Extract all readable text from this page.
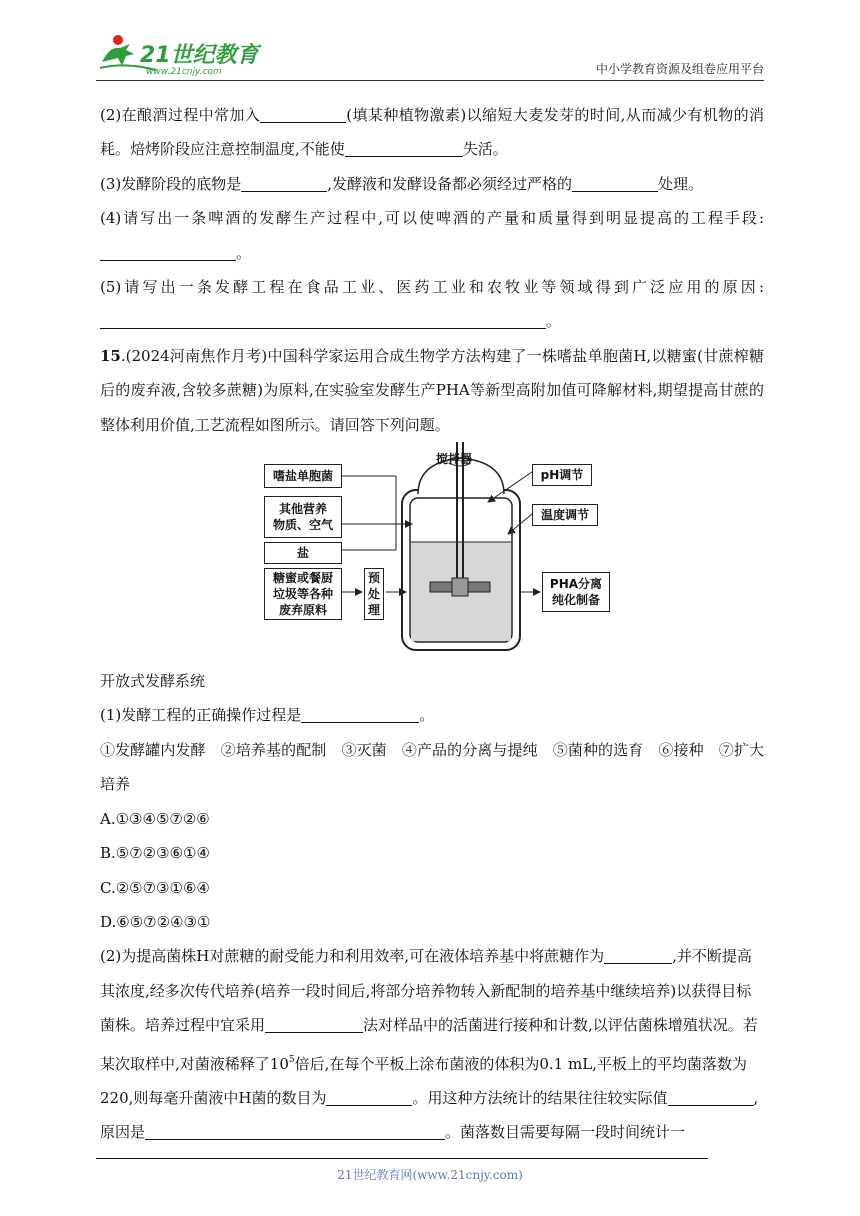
21世纪教育
www.21cnjy.com	中小学教育资源及组卷应用平台

(2)在酿酒过程中常加入	(填某种植物激素)以缩短大麦发芽的时间,从而减少有机物的消耗。焙烤阶段应注意控制温度,不能使	失活。

(3)发酵阶段的底物是	,发酵液和发酵设备都必须经过严格的	处理。

(4)请写出一条啤酒的发酵生产过程中,可以使啤酒的产量和质量得到明显提高的工程手段:。

(5)请写出一条发酵工程在食品工业、医药工业和农牧业等领域得到广泛应用的原因:。

15.(2024河南焦作月考)中国科学家运用合成生物学方法构建了一株嗜盐单胞菌H,以糖蜜(甘蔗榨糖后的废弃液,含较多蔗糖)为原料,在实验室发酵生产PHA等新型高附加值可降解材料,期望提高甘蔗的整体利用价值,工艺流程如图所示。请回答下列问题。

搅拌器
pH调节
温度调节
嗜盐单胞菌
其他营养
物质、空气
盐
糖蜜或餐厨
垃圾等各种
废弃原料
预
处
理
PHA分离
纯化制备

开放式发酵系统

(1)发酵工程的正确操作过程是	。

①发酵罐内发酵　②培养基的配制　③灭菌　④产品的分离与提纯　⑤菌种的选育　⑥接种　⑦扩大培养

A.①③④⑤⑦②⑥

B.⑤⑦②③⑥①④

C.②⑤⑦③①⑥④

D.⑥⑤⑦②④③①

(2)为提高菌株H对蔗糖的耐受能力和利用效率,可在液体培养基中将蔗糖作为	,并不断提高其浓度,经多次传代培养(培养一段时间后,将部分培养物转入新配制的培养基中继续培养)以获得目标菌株。培养过程中宜采用	法对样品中的活菌进行接种和计数,以评估菌株增殖状况。若某次取样中,对菌液稀释了$10^5$倍后,在每个平板上涂布菌液的体积为0.1 mL,平板上的平均菌落数为220,则每毫升菌液中H菌的数目为	。用这种方法统计的结果往往较实际值	,原因是	。菌落数目需要每隔一段时间统计一

21世纪教育网(www.21cnjy.com)
